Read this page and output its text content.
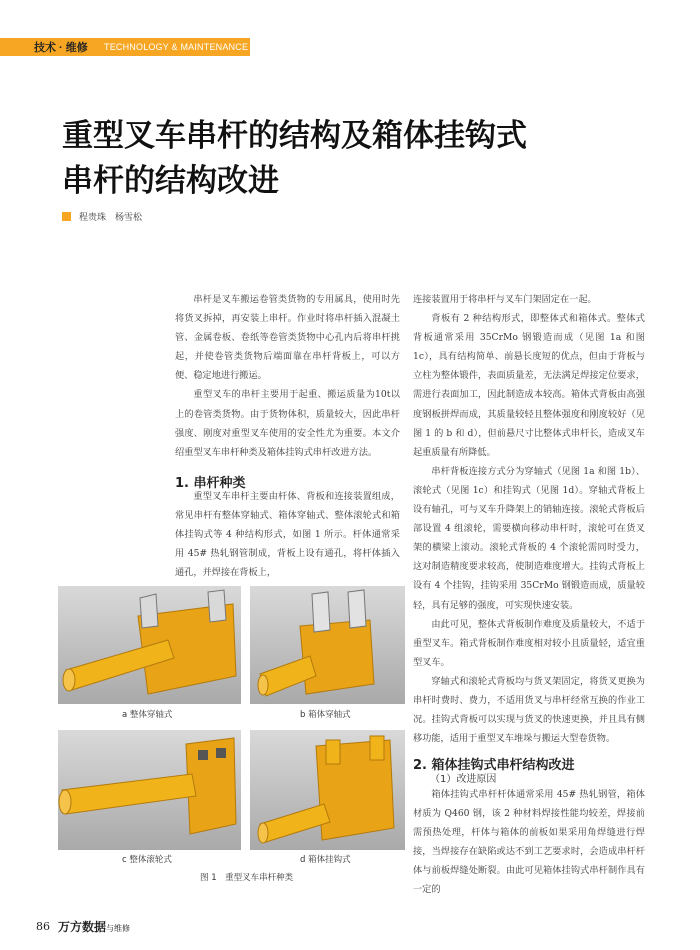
技术 · 维修 TECHNOLOGY & MAINTENANCE
重型叉车串杆的结构及箱体挂钩式
串杆的结构改进
程贵珠　杨雪松

串杆是叉车搬运卷管类货物的专用属具，使用时先将货叉拆掉，再安装上串杆。作业时将串杆插入混凝土管、金属卷板、卷纸等卷管类货物中心孔内后将串杆挑起，并使卷管类货物后端面靠在串杆背板上，可以方便、稳定地进行搬运。

重型叉车的串杆主要用于起重、搬运质量为10t以上的卷管类货物。由于货物体积，质量较大，因此串杆强度、刚度对重型叉车使用的安全性尤为重要。本文介绍重型叉车串杆种类及箱体挂钩式串杆改进方法。

1. 串杆种类

重型叉车串杆主要由杆体、背板和连接装置组成，常见串杆有整体穿轴式、箱体穿轴式、整体滚轮式和箱体挂钩式等 4 种结构形式，如图 1 所示。杆体通常采用 45# 热轧钢管制成，背板上设有通孔，将杆体插入通孔，并焊接在背板上，

a 整体穿轴式	b 箱体穿轴式
c 整体滚轮式	d 箱体挂钩式
图 1　重型叉车串杆种类

连接装置用于将串杆与叉车门架固定在一起。

背板有 2 种结构形式，即整体式和箱体式。整体式背板通常采用 35CrMo 钢锻造而成（见图 1a 和图 1c），具有结构简单、前悬长度短的优点，但由于背板与立柱为整体锻件，表面质量差，无法满足焊接定位要求，需进行表面加工，因此制造成本较高。箱体式背板由高强度钢板拼焊而成，其质量较轻且整体强度和刚度较好（见图 1 的 b 和 d），但前悬尺寸比整体式串杆长，造成叉车起重质量有所降低。

串杆背板连接方式分为穿轴式（见图 1a 和图 1b）、滚轮式（见图 1c）和挂钩式（见图 1d）。穿轴式背板上设有轴孔，可与叉车升降架上的销轴连接。滚轮式背板后部设置 4 组滚轮，需要横向移动串杆时，滚轮可在货叉架的横梁上滚动。滚轮式背板的 4 个滚轮需同时受力，这对制造精度要求较高，使制造难度增大。挂钩式背板上设有 4 个挂钩，挂钩采用 35CrMo 钢锻造而成，质量较轻，具有足够的强度，可实现快速安装。

由此可见，整体式背板制作难度及质量较大，不适于重型叉车。箱式背板制作难度相对较小且质量轻，适宜重型叉车。

穿轴式和滚轮式背板均与货叉架固定，将货叉更换为串杆时费时、费力，不适用货叉与串杆经常互换的作业工况。挂钩式背板可以实现与货叉的快速更换，并且具有侧移功能，适用于重型叉车堆垛与搬运大型卷货物。

2. 箱体挂钩式串杆结构改进
（1）改进原因

箱体挂钩式串杆杆体通常采用 45# 热轧钢管，箱体材质为 Q460 钢，该 2 种材料焊接性能均较差，焊接前需预热处理，杆体与箱体的前板如果采用角焊缝进行焊接，当焊接存在缺陷或达不到工艺要求时，会造成串杆杆体与前板焊缝处断裂。由此可见箱体挂钩式串杆制作具有一定的

86 万方数据与维修
